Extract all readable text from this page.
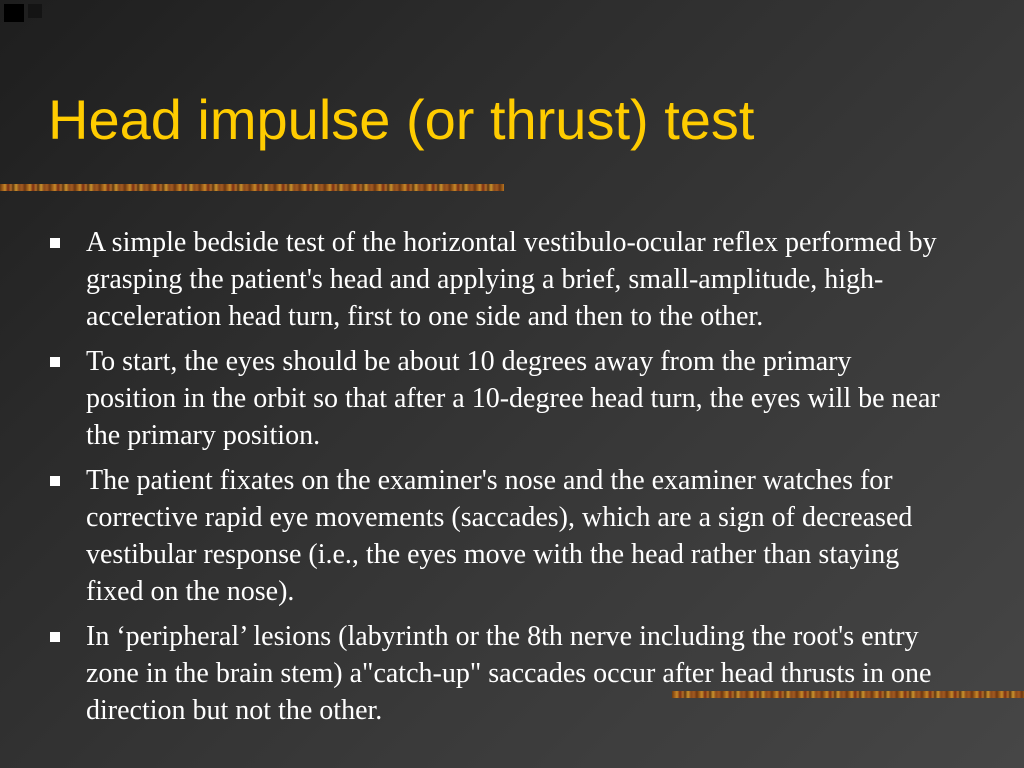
Head impulse (or thrust) test
A simple bedside test of the horizontal vestibulo-ocular reflex performed by grasping the patient's head and applying a brief, small-amplitude, high-acceleration head turn, first to one side and then to the other.
To start, the eyes should be about 10 degrees away from the primary position in the orbit so that after a 10-degree head turn, the eyes will be near the primary position.
The patient fixates on the examiner's nose and the examiner watches for corrective rapid eye movements (saccades), which are a sign of decreased vestibular response (i.e., the eyes move with the head rather than staying fixed on the nose).
In ‘peripheral’ lesions (labyrinth or the 8th nerve including the root's entry zone in the brain stem) a"catch-up" saccades occur after head thrusts in one direction but not the other.
